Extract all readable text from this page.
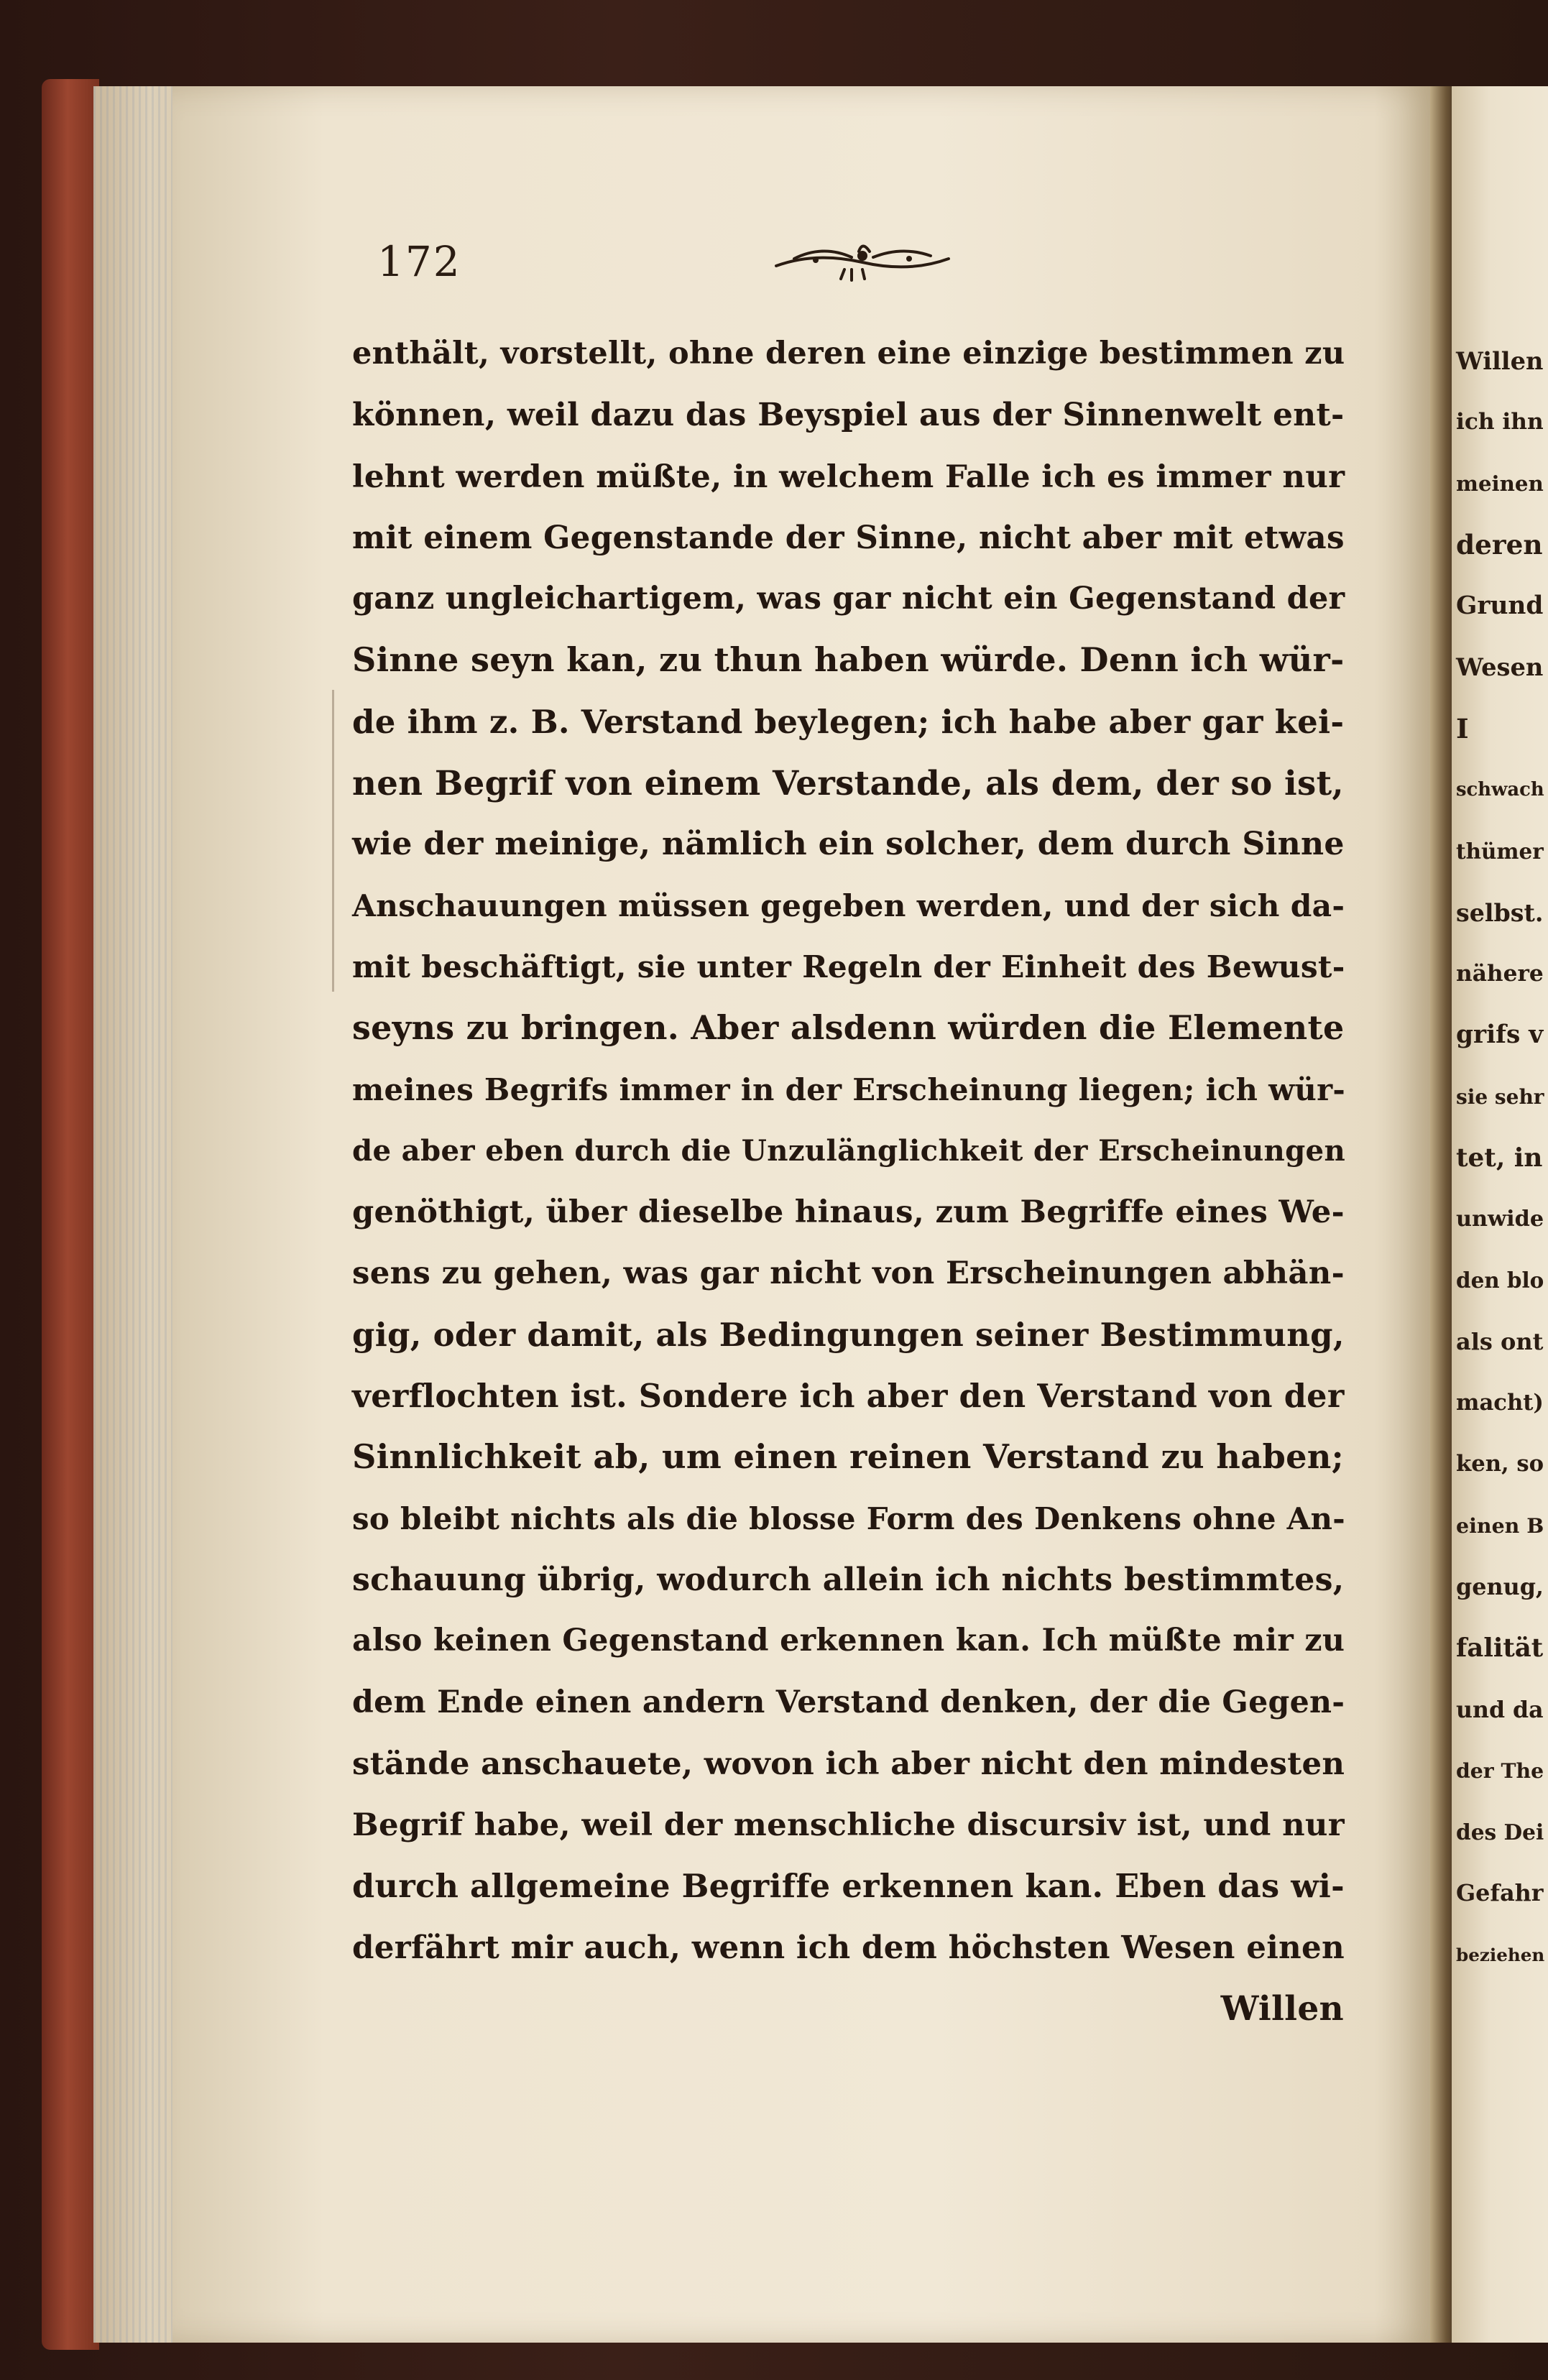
172
enthält, vorstellt, ohne deren eine einzige bestimmen zu
können, weil dazu das Beyspiel aus der Sinnenwelt ent-
lehnt werden müßte, in welchem Falle ich es immer nur
mit einem Gegenstande der Sinne, nicht aber mit etwas
ganz ungleichartigem, was gar nicht ein Gegenstand der
Sinne seyn kan, zu thun haben würde. Denn ich wür-
de ihm z. B. Verstand beylegen; ich habe aber gar kei-
nen Begrif von einem Verstande, als dem, der so ist,
wie der meinige, nämlich ein solcher, dem durch Sinne
Anschauungen müssen gegeben werden, und der sich da-
mit beschäftigt, sie unter Regeln der Einheit des Bewust-
seyns zu bringen. Aber alsdenn würden die Elemente
meines Begrifs immer in der Erscheinung liegen; ich wür-
de aber eben durch die Unzulänglichkeit der Erscheinungen
genöthigt, über dieselbe hinaus, zum Begriffe eines We-
sens zu gehen, was gar nicht von Erscheinungen abhän-
gig, oder damit, als Bedingungen seiner Bestimmung,
verflochten ist. Sondere ich aber den Verstand von der
Sinnlichkeit ab, um einen reinen Verstand zu haben;
so bleibt nichts als die blosse Form des Denkens ohne An-
schauung übrig, wodurch allein ich nichts bestimmtes,
also keinen Gegenstand erkennen kan. Ich müßte mir zu
dem Ende einen andern Verstand denken, der die Gegen-
stände anschauete, wovon ich aber nicht den mindesten
Begrif habe, weil der menschliche discursiv ist, und nur
durch allgemeine Begriffe erkennen kan. Eben das wi-
derfährt mir auch, wenn ich dem höchsten Wesen einen
Willen
Willen
ich ihn
meinen
deren
Grund
Wesen
I
schwach
thümer
selbst.
nähere
grifs v
sie sehr
tet, in
unwide
den blo
als ont
macht)
ken, so
einen B
genug,
falität
und da
der The
des Dei
Gefahr
beziehen
